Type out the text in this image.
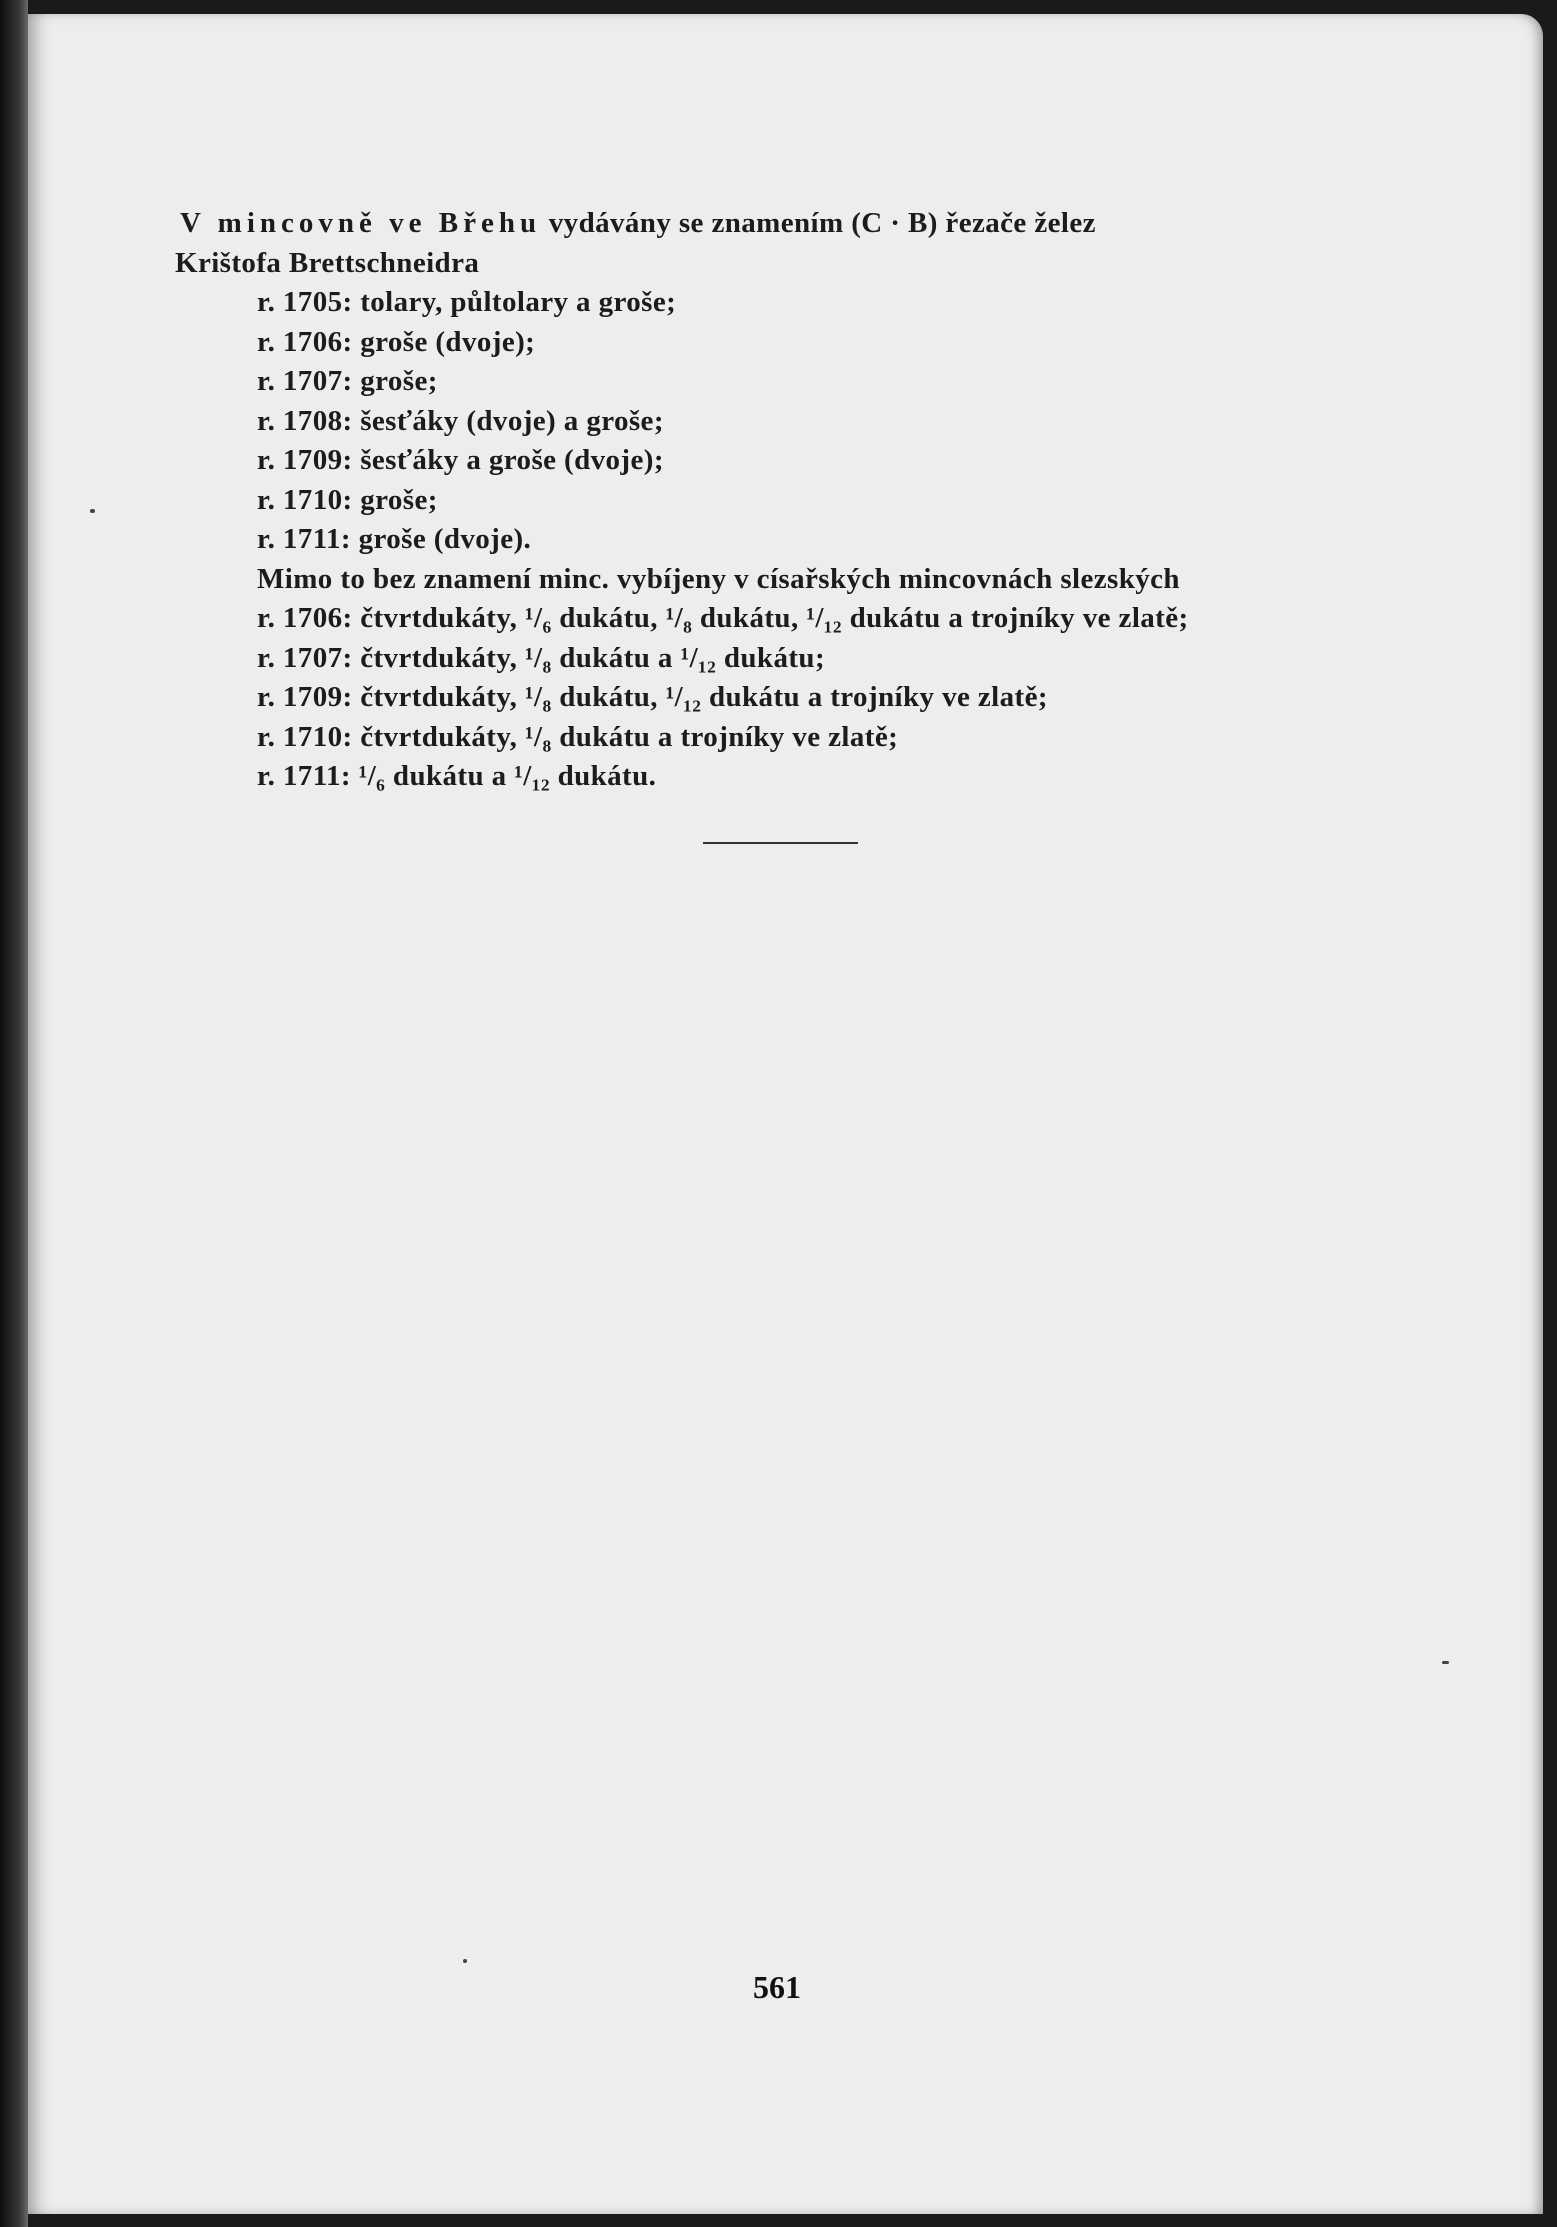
V mincovně ve Břehu vydávány se znamením (C · B) řezače želez
Krištofa Brettschneidra
r. 1705: tolary, půltolary a groše;
r. 1706: groše (dvoje);
r. 1707: groše;
r. 1708: šesťáky (dvoje) a groše;
r. 1709: šesťáky a groše (dvoje);
r. 1710: groše;
r. 1711: groše (dvoje).
Mimo to bez znamení minc. vybíjeny v císařských mincovnách slezských
r. 1706: čtvrtdukáty, ¹/₆ dukátu, ¹/₈ dukátu, ¹/₁₂ dukátu a trojníky ve zlatě;
r. 1707: čtvrtdukáty, ¹/₈ dukátu a ¹/₁₂ dukátu;
r. 1709: čtvrtdukáty, ¹/₈ dukátu, ¹/₁₂ dukátu a trojníky ve zlatě;
r. 1710: čtvrtdukáty, ¹/₈ dukátu a trojníky ve zlatě;
r. 1711: ¹/₆ dukátu a ¹/₁₂ dukátu.
561
